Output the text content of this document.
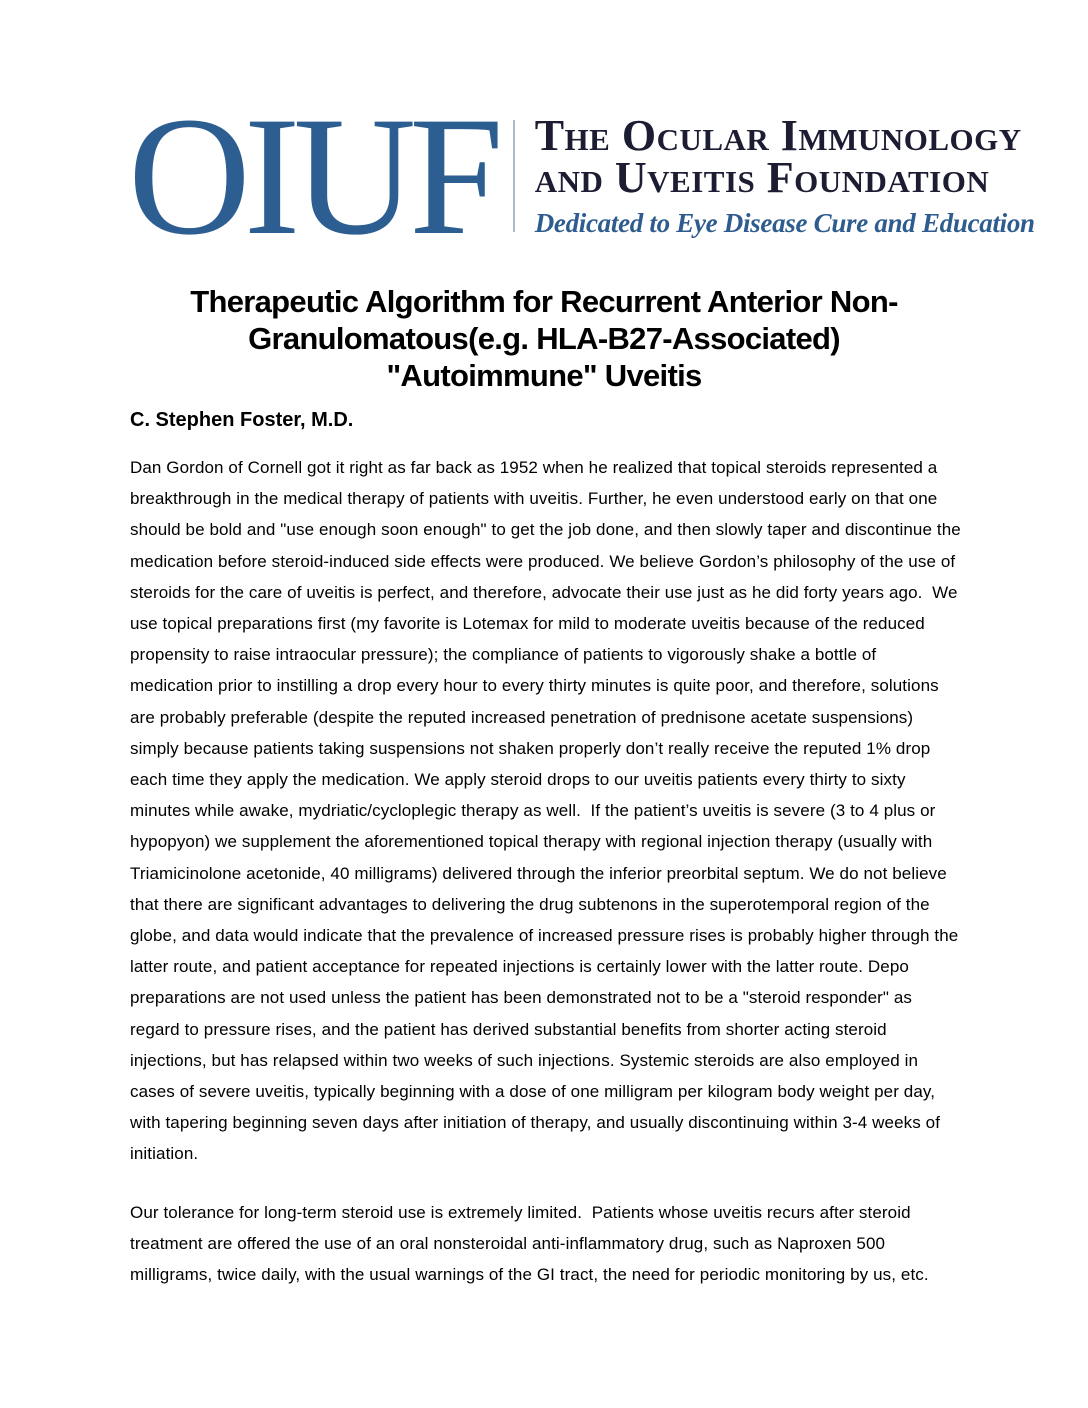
OIUF The Ocular Immunology
and Uveitis Foundation
Dedicated to Eye Disease Cure and Education
Therapeutic Algorithm for Recurrent Anterior Non-
Granulomatous(e.g. HLA-B27-Associated)
"Autoimmune" Uveitis
C. Stephen Foster, M.D.

Dan Gordon of Cornell got it right as far back as 1952 when he realized that topical steroids represented a breakthrough in the medical therapy of patients with uveitis. Further, he even understood early on that one should be bold and "use enough soon enough" to get the job done, and then slowly taper and discontinue the medication before steroid-induced side effects were produced. We believe Gordon’s philosophy of the use of steroids for the care of uveitis is perfect, and therefore, advocate their use just as he did forty years ago.  We use topical preparations first (my favorite is Lotemax for mild to moderate uveitis because of the reduced propensity to raise intraocular pressure); the compliance of patients to vigorously shake a bottle of medication prior to instilling a drop every hour to every thirty minutes is quite poor, and therefore, solutions are probably preferable (despite the reputed increased penetration of prednisone acetate suspensions) simply because patients taking suspensions not shaken properly don’t really receive the reputed 1% drop each time they apply the medication. We apply steroid drops to our uveitis patients every thirty to sixty minutes while awake, mydriatic/cycloplegic therapy as well.  If the patient’s uveitis is severe (3 to 4 plus or hypopyon) we supplement the aforementioned topical therapy with regional injection therapy (usually with Triamicinolone acetonide, 40 milligrams) delivered through the inferior preorbital septum. We do not believe that there are significant advantages to delivering the drug subtenons in the superotemporal region of the globe, and data would indicate that the prevalence of increased pressure rises is probably higher through the latter route, and patient acceptance for repeated injections is certainly lower with the latter route. Depo preparations are not used unless the patient has been demonstrated not to be a "steroid responder" as regard to pressure rises, and the patient has derived substantial benefits from shorter acting steroid injections, but has relapsed within two weeks of such injections. Systemic steroids are also employed in cases of severe uveitis, typically beginning with a dose of one milligram per kilogram body weight per day, with tapering beginning seven days after initiation of therapy, and usually discontinuing within 3-4 weeks of initiation.

Our tolerance for long-term steroid use is extremely limited.  Patients whose uveitis recurs after steroid treatment are offered the use of an oral nonsteroidal anti-inflammatory drug, such as Naproxen 500 milligrams, twice daily, with the usual warnings of the GI tract, the need for periodic monitoring by us, etc.
